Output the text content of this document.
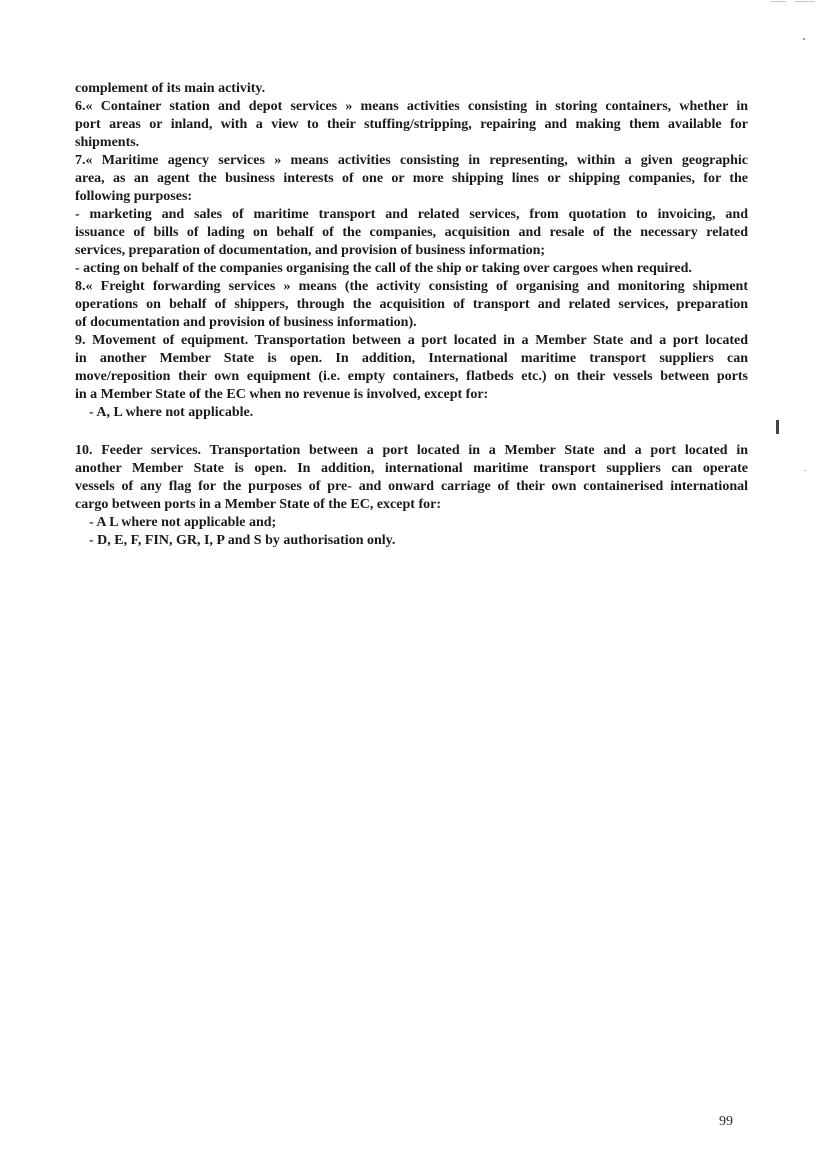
complement of its main activity.
6.« Container station and depot services » means activities consisting in storing containers, whether in
port areas or inland, with a view to their stuffing/stripping, repairing and making them available for
shipments.
7.« Maritime agency services » means activities consisting in representing, within a given geographic
area, as an agent the business interests of one or more shipping lines or shipping companies, for the
following purposes:
- marketing and sales of maritime transport and related services, from quotation to invoicing, and
issuance of bills of lading on behalf of the companies, acquisition and resale of the necessary related
services, preparation of documentation, and provision of business information;
- acting on behalf of the companies organising the call of the ship or taking over cargoes when required.
8.« Freight forwarding services » means (the activity consisting of organising and monitoring shipment
operations on behalf of shippers, through the acquisition of transport and related services, preparation
of documentation and provision of business information).
9. Movement of equipment. Transportation between a port located in a Member State and a port located
in another Member State is open. In addition, International maritime transport suppliers can
move/reposition their own equipment (i.e. empty containers, flatbeds etc.) on their vessels between ports
in a Member State of the EC when no revenue is involved, except for:
- A, L where not applicable.
10. Feeder services. Transportation between a port located in a Member State and a port located in
another Member State is open. In addition, international maritime transport suppliers can operate
vessels of any flag for the purposes of pre- and onward carriage of their own containerised international
cargo between ports in a Member State of the EC, except for:
- A L where not applicable and;
- D, E, F, FIN, GR, I, P and S by authorisation only.
99
